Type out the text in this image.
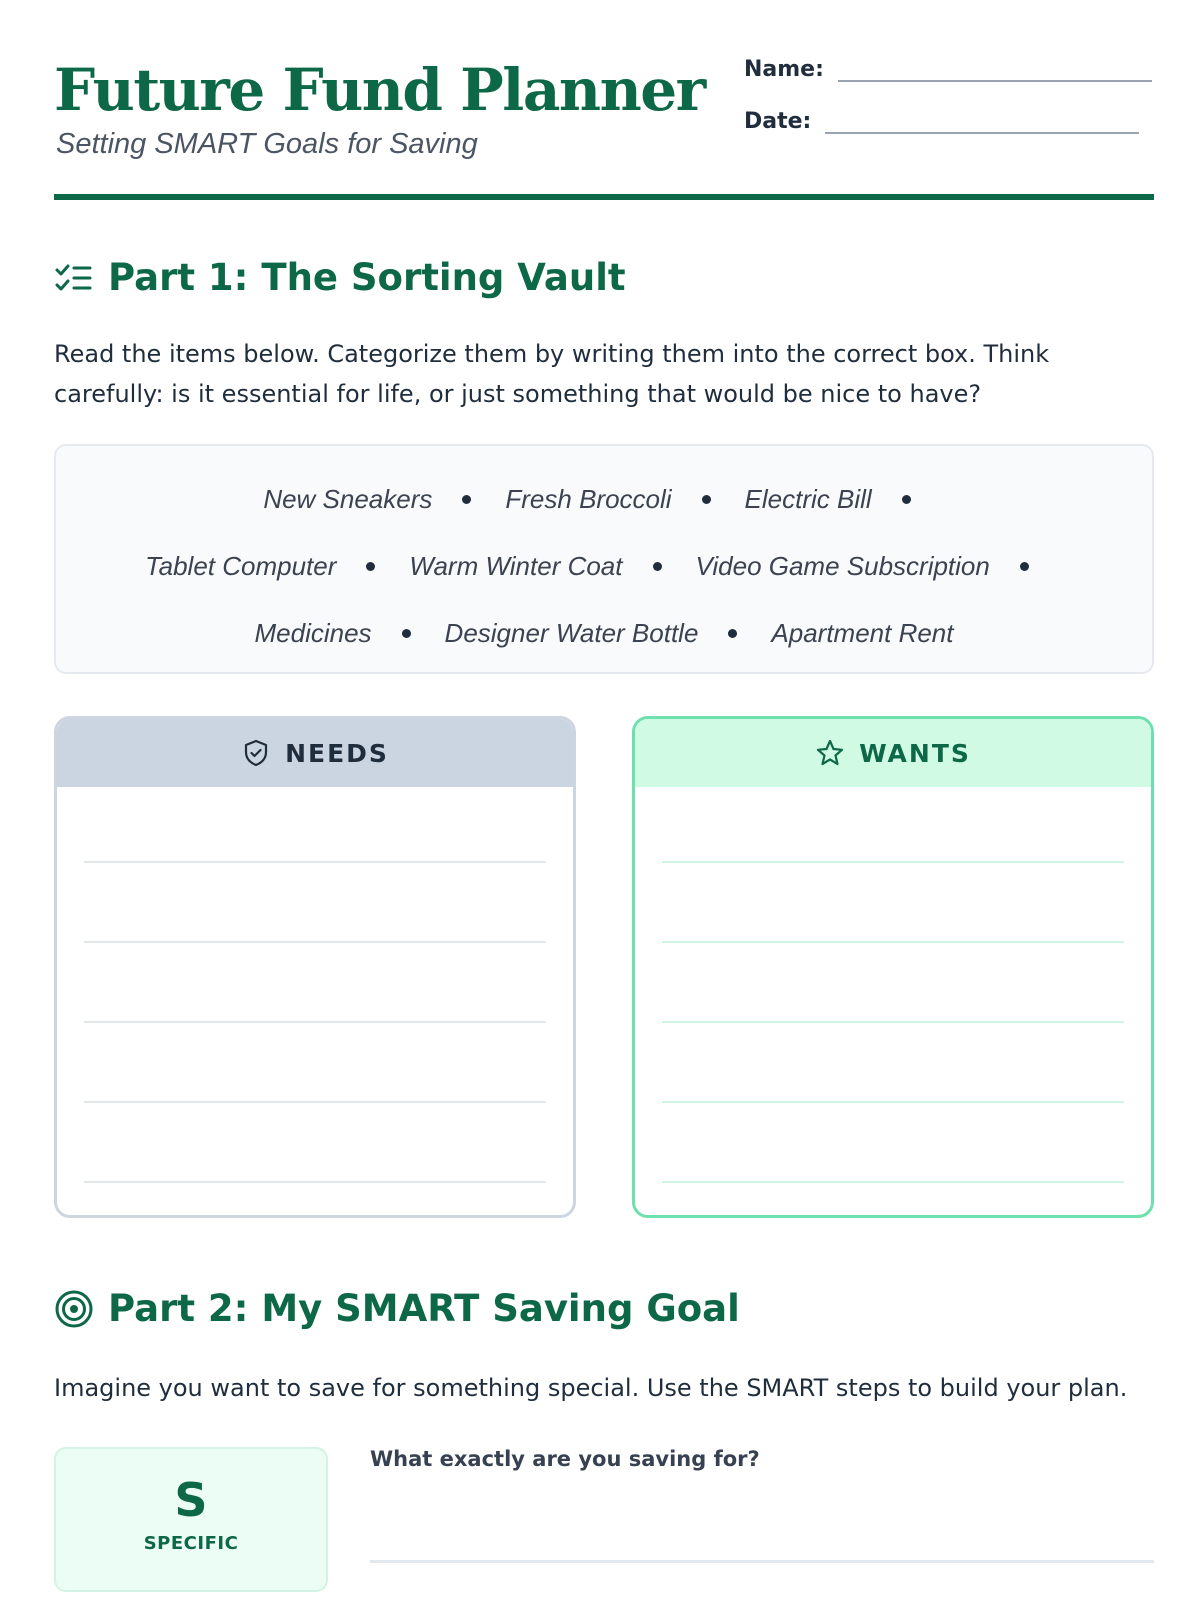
Future Fund Planner
Setting SMART Goals for Saving
Name:
Date:
Part 1: The Sorting Vault
Read the items below. Categorize them by writing them into the correct box. Think carefully: is it essential for life, or just something that would be nice to have?
New Sneakers	Fresh Broccoli	Electric Bill
Tablet Computer	Warm Winter Coat	Video Game Subscription
Medicines	Designer Water Bottle	Apartment Rent
NEEDS	WANTS
Part 2: My SMART Saving Goal
Imagine you want to save for something special. Use the SMART steps to build your plan.
S
SPECIFIC
What exactly are you saving for?
